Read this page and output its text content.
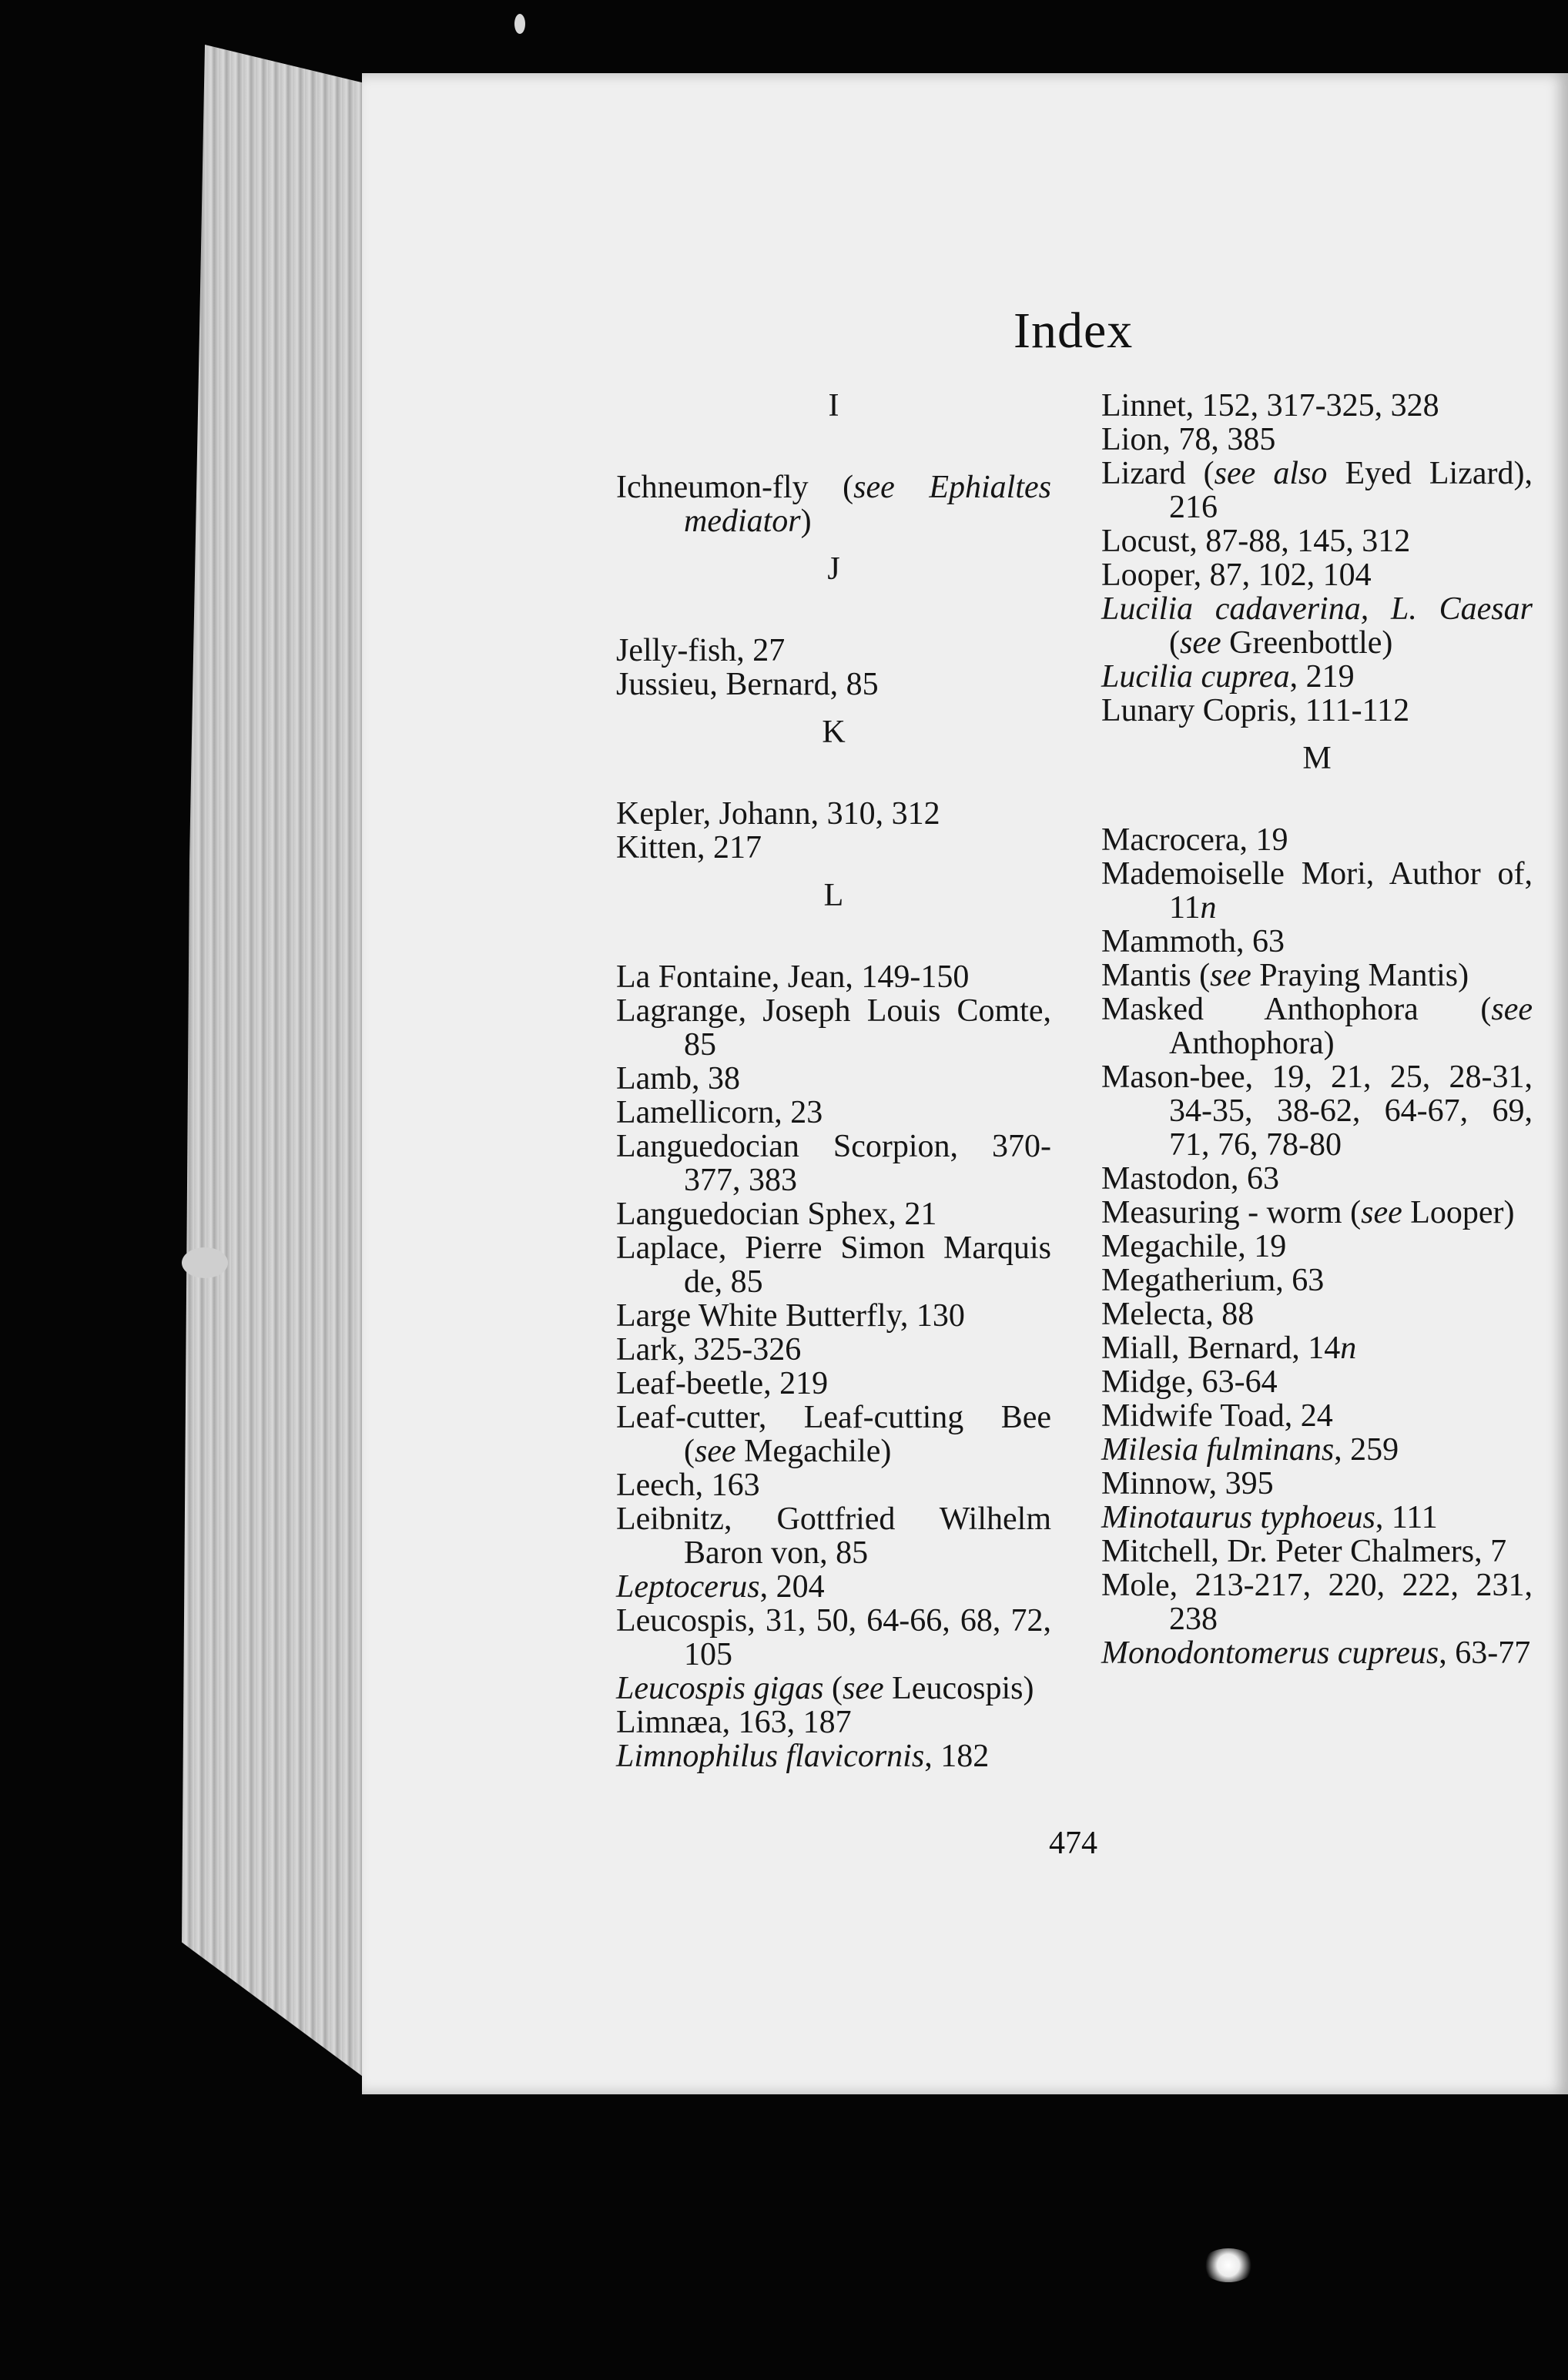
Index
I
Ichneumon-fly (see Ephialtes mediator)
J
Jelly-fish, 27
Jussieu, Bernard, 85
K
Kepler, Johann, 310, 312
Kitten, 217
L
La Fontaine, Jean, 149-150
Lagrange, Joseph Louis Comte, 85
Lamb, 38
Lamellicorn, 23
Languedocian Scorpion, 370-377, 383
Languedocian Sphex, 21
Laplace, Pierre Simon Marquis de, 85
Large White Butterfly, 130
Lark, 325-326
Leaf-beetle, 219
Leaf-cutter, Leaf-cutting Bee (see Megachile)
Leech, 163
Leibnitz, Gottfried Wilhelm Baron von, 85
Leptocerus, 204
Leucospis, 31, 50, 64-66, 68, 72, 105
Leucospis gigas (see Leucospis)
Limnæa, 163, 187
Limnophilus flavicornis, 182
Linnet, 152, 317-325, 328
Lion, 78, 385
Lizard (see also Eyed Lizard), 216
Locust, 87-88, 145, 312
Looper, 87, 102, 104
Lucilia cadaverina, L. Caesar (see Greenbottle)
Lucilia cuprea, 219
Lunary Copris, 111-112
M
Macrocera, 19
Mademoiselle Mori, Author of, 11n
Mammoth, 63
Mantis (see Praying Mantis)
Masked Anthophora (see Anthophora)
Mason-bee, 19, 21, 25, 28-31, 34-35, 38-62, 64-67, 69, 71, 76, 78-80
Mastodon, 63
Measuring - worm (see Looper)
Megachile, 19
Megatherium, 63
Melecta, 88
Miall, Bernard, 14n
Midge, 63-64
Midwife Toad, 24
Milesia fulminans, 259
Minnow, 395
Minotaurus typhoeus, 111
Mitchell, Dr. Peter Chalmers, 7
Mole, 213-217, 220, 222, 231, 238
Monodontomerus cupreus, 63-77
474
